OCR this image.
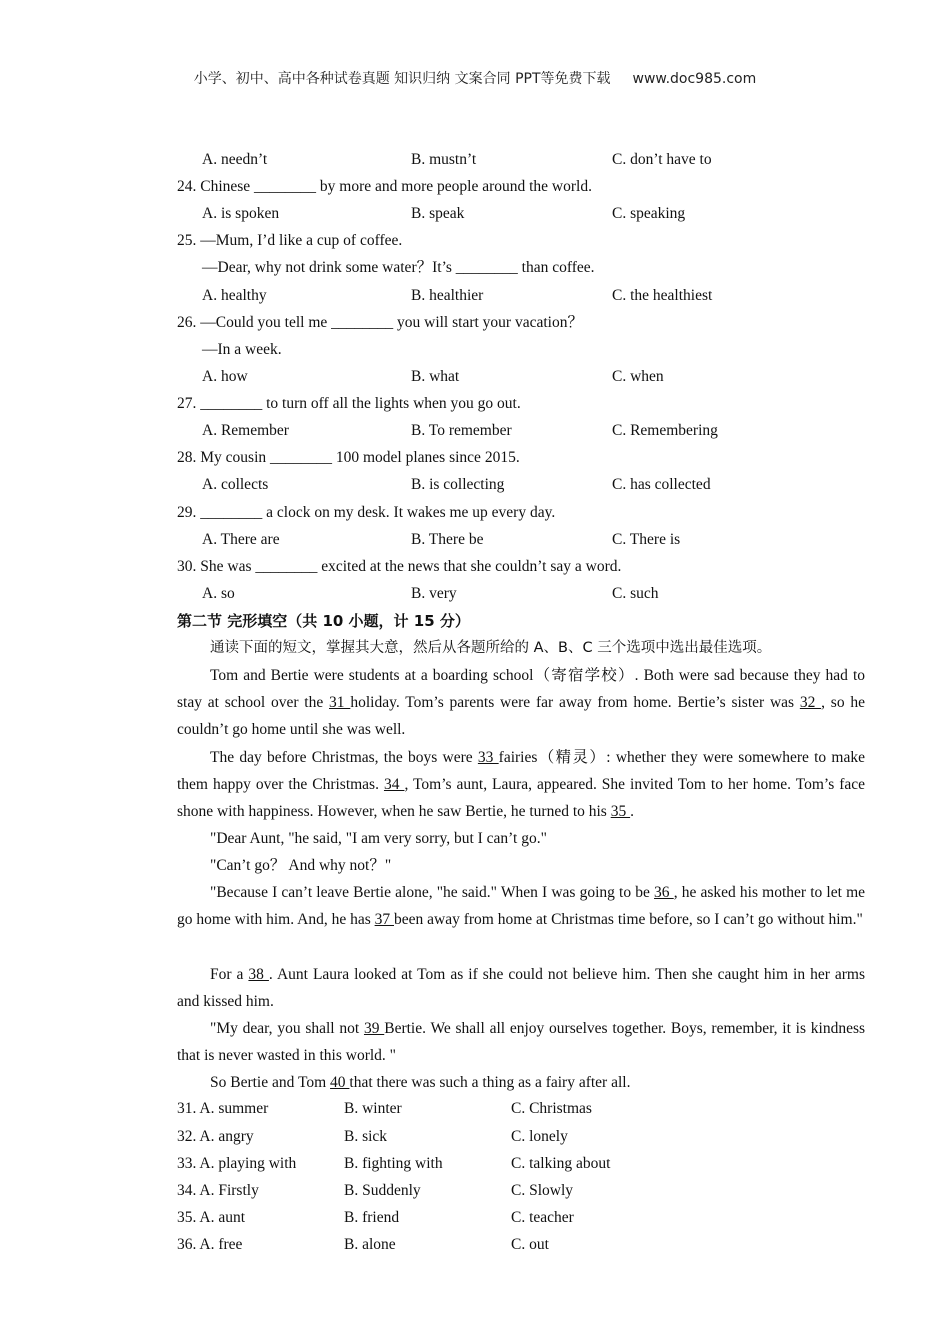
小学、初中、高中各种试卷真题 知识归纳 文案合同 PPT等免费下载 www.doc985.com
A. needn’t	B. mustn’t	C. don’t have to
24. Chinese ________ by more and more people around the world.
A. is spoken	B. speak	C. speaking
25. —Mum, I’d like a cup of coffee.
—Dear, why not drink some water？It’s ________ than coffee.
A. healthy	B. healthier	C. the healthiest
26. —Could you tell me ________ you will start your vacation？
—In a week.
A. how	B. what	C. when
27. ________ to turn off all the lights when you go out.
A. Remember	B. To remember	C. Remembering
28. My cousin ________ 100 model planes since 2015.
A. collects	B. is collecting	C. has collected
29. ________ a clock on my desk. It wakes me up every day.
A. There are	B. There be	C. There is
30. She was ________ excited at the news that she couldn’t say a word.
A. so	B. very	C. such
第二节 完形填空（共 10 小题，计 15 分）
通读下面的短文，掌握其大意，然后从各题所给的 A、B、C 三个选项中选出最佳选项。
Tom and Bertie were students at a boarding school（寄宿学校）. Both were sad because they had to stay at school over the 31 holiday. Tom’s parents were far away from home. Bertie’s sister was 32 , so he couldn’t go home until she was well.
The day before Christmas, the boys were 33 fairies（精灵）: whether they were somewhere to make them happy over the Christmas. 34 , Tom’s aunt, Laura, appeared. She invited Tom to her home. Tom’s face shone with happiness. However, when he saw Bertie, he turned to his 35 .
"Dear Aunt, "he said, "I am very sorry, but I can’t go."
"Can’t go？ And why not？"
"Because I can’t leave Bertie alone, "he said." When I was going to be 36 , he asked his mother to let me go home with him. And, he has 37 been away from home at Christmas time before, so I can’t go without him."
For a 38 . Aunt Laura looked at Tom as if she could not believe him. Then she caught him in her arms and kissed him.
"My dear, you shall not 39 Bertie. We shall all enjoy ourselves together. Boys, remember, it is kindness that is never wasted in this world. "
So Bertie and Tom 40 that there was such a thing as a fairy after all.
31. A. summer	B. winter	C. Christmas
32. A. angry	B. sick	C. lonely
33. A. playing with	B. fighting with	C. talking about
34. A. Firstly	B. Suddenly	C. Slowly
35. A. aunt	B. friend	C. teacher
36. A. free	B. alone	C. out
